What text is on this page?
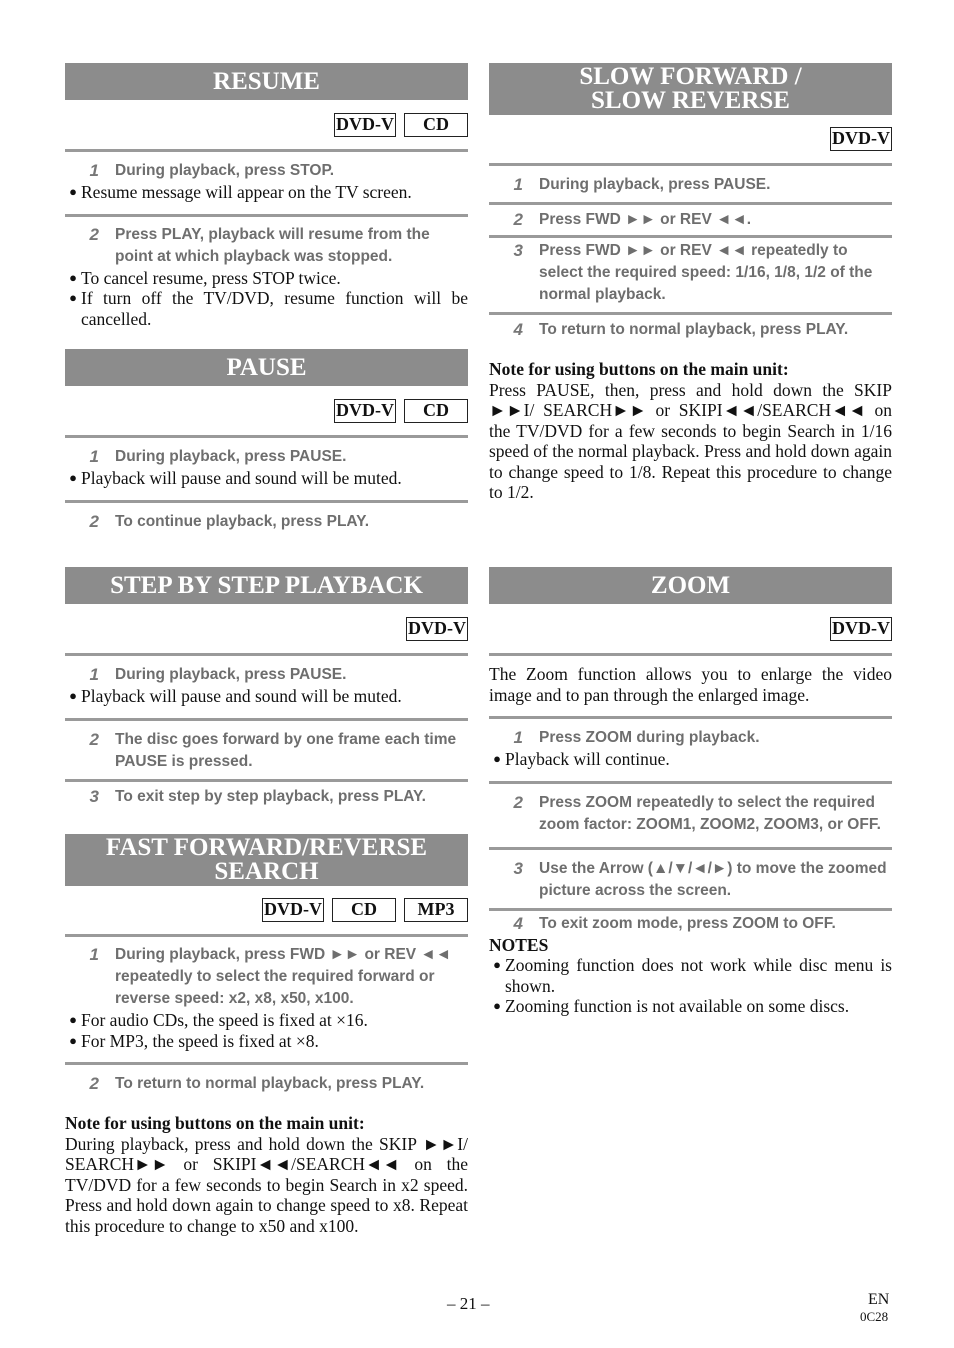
RESUME
DVD-V	CD
1	During playback, press STOP.
● Resume message will appear on the TV screen.
2	Press PLAY, playback will resume from the point at which playback was stopped.
● To cancel resume, press STOP twice.
● If turn off the TV/DVD, resume function will be cancelled.
PAUSE
DVD-V	CD
1	During playback, press PAUSE.
● Playback will pause and sound will be muted.
2	To continue playback, press PLAY.
STEP BY STEP PLAYBACK
DVD-V
1	During playback, press PAUSE.
● Playback will pause and sound will be muted.
2	The disc goes forward by one frame each time PAUSE is pressed.
3	To exit step by step playback, press PLAY.
FAST FORWARD/REVERSE
SEARCH
DVD-V	CD	MP3
1	During playback, press FWD ►► or REV ◄◄ repeatedly to select the required forward or reverse speed: x2, x8, x50, x100.
● For audio CDs, the speed is fixed at ×16.
● For MP3, the speed is fixed at ×8.
2	To return to normal playback, press PLAY.
Note for using buttons on the main unit:
During playback, press and hold down the SKIP ►►I/ SEARCH►► or SKIPI◄◄/SEARCH◄◄ on the TV/DVD for a few seconds to begin Search in x2 speed. Press and hold down again to change speed to x8. Repeat this procedure to change to x50 and x100.
SLOW FORWARD /
SLOW REVERSE
DVD-V
1	During playback, press PAUSE.
2	Press FWD ►► or REV ◄◄.
3	Press FWD ►► or REV ◄◄ repeatedly to select the required speed: 1/16, 1/8, 1/2 of the normal playback.
4	To return to normal playback, press PLAY.
Note for using buttons on the main unit:
Press PAUSE, then, press and hold down the SKIP ►►I/ SEARCH►► or SKIPI◄◄/SEARCH◄◄ on the TV/DVD for a few seconds to begin Search in 1/16 speed of the normal playback. Press and hold down again to change speed to 1/8. Repeat this procedure to change to 1/2.
ZOOM
DVD-V
The Zoom function allows you to enlarge the video image and to pan through the enlarged image.
1	Press ZOOM during playback.
● Playback will continue.
2	Press ZOOM repeatedly to select the required zoom factor: ZOOM1, ZOOM2, ZOOM3, or OFF.
3	Use the Arrow (▲/▼/◄/►) to move the zoomed picture across the screen.
4	To exit zoom mode, press ZOOM to OFF.
NOTES
● Zooming function does not work while disc menu is shown.
● Zooming function is not available on some discs.
– 21 –	EN
0C28
